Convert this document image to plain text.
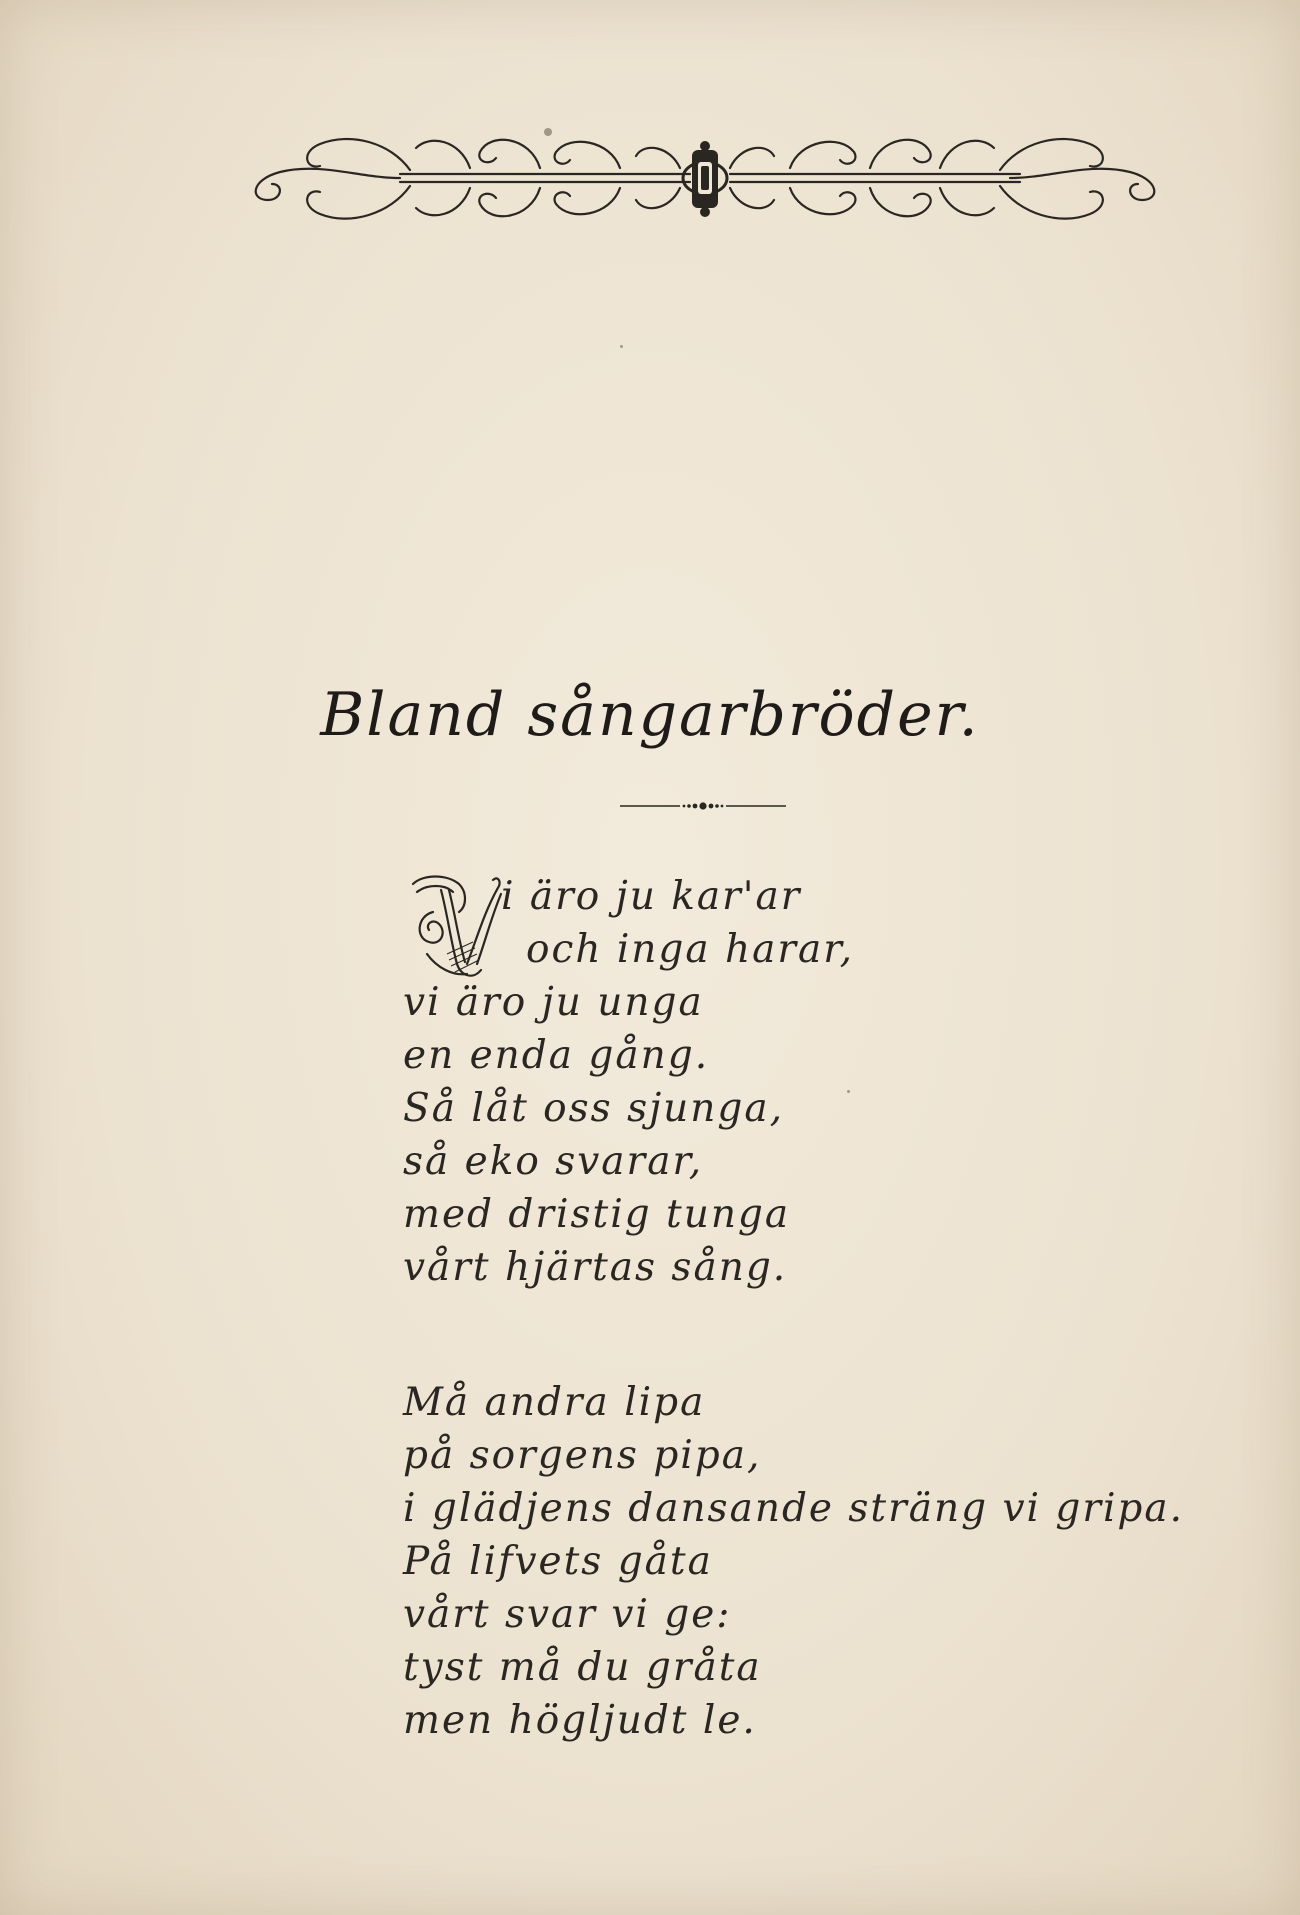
Bland sångarbröder.
V
i äro ju kar'ar
och inga harar,
vi äro ju unga
en enda gång.
Så låt oss sjunga,
så eko svarar,
med dristig tunga
vårt hjärtas sång.
Må andra lipa
på sorgens pipa,
i glädjens dansande sträng vi gripa.
På lifvets gåta
vårt svar vi ge:
tyst må du gråta
men högljudt le.
